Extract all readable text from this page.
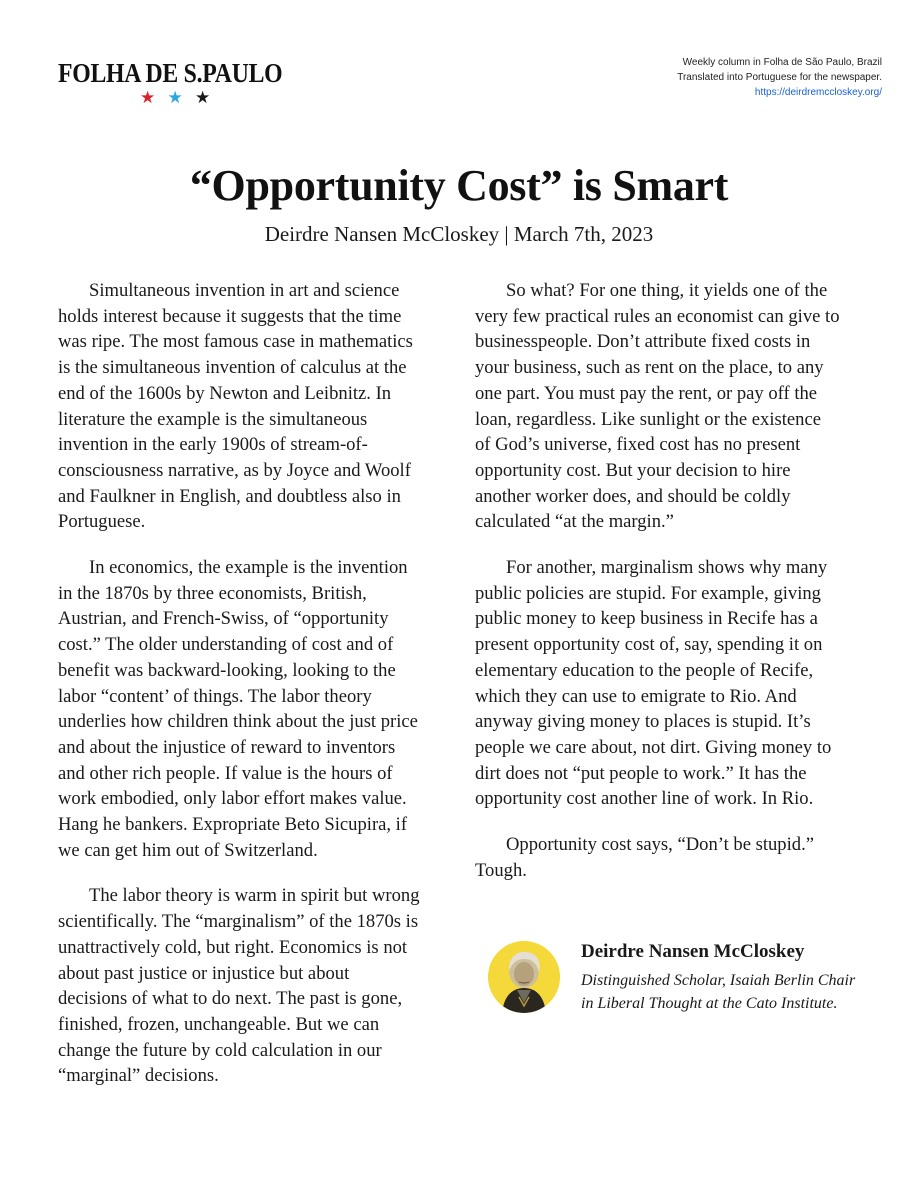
FOLHA DE S.PAULO
★ ★ ★
Weekly column in Folha de São Paulo, Brazil
Translated into Portuguese for the newspaper.
https://deirdremccloskey.org/
“Opportunity Cost” is Smart
Deirdre Nansen McCloskey | March 7th, 2023

Simultaneous invention in art and science holds interest because it suggests that the time was ripe. The most famous case in mathematics is the simultaneous invention of calculus at the end of the 1600s by Newton and Leibnitz. In literature the example is the simultaneous invention in the early 1900s of stream-of-consciousness narrative, as by Joyce and Woolf and Faulkner in English, and doubtless also in Portuguese.

In economics, the example is the invention in the 1870s by three economists, British, Austrian, and French-Swiss, of “opportunity cost.” The older understanding of cost and of benefit was backward-looking, looking to the labor “content’ of things. The labor theory underlies how children think about the just price and about the injustice of reward to inventors and other rich people. If value is the hours of work embodied, only labor effort makes value. Hang he bankers. Expropriate Beto Sicupira, if we can get him out of Switzerland.

The labor theory is warm in spirit but wrong scientifically. The “marginalism” of the 1870s is unattractively cold, but right. Economics is not about past justice or injustice but about decisions of what to do next. The past is gone, finished, frozen, unchangeable. But we can change the future by cold calculation in our “marginal” decisions.

So what? For one thing, it yields one of the very few practical rules an economist can give to businesspeople. Don’t attribute fixed costs in your business, such as rent on the place, to any one part. You must pay the rent, or pay off the loan, regardless. Like sunlight or the existence of God’s universe, fixed cost has no present opportunity cost. But your decision to hire another worker does, and should be coldly calculated “at the margin.”

For another, marginalism shows why many public policies are stupid. For example, giving public money to keep business in Recife has a present opportunity cost of, say, spending it on elementary education to the people of Recife, which they can use to emigrate to Rio. And anyway giving money to places is stupid. It’s people we care about, not dirt. Giving money to dirt does not “put people to work.” It has the opportunity cost another line of work. In Rio.

Opportunity cost says, “Don’t be stupid.” Tough.

Deirdre Nansen McCloskey
Distinguished Scholar, Isaiah Berlin Chair
in Liberal Thought at the Cato Institute.
